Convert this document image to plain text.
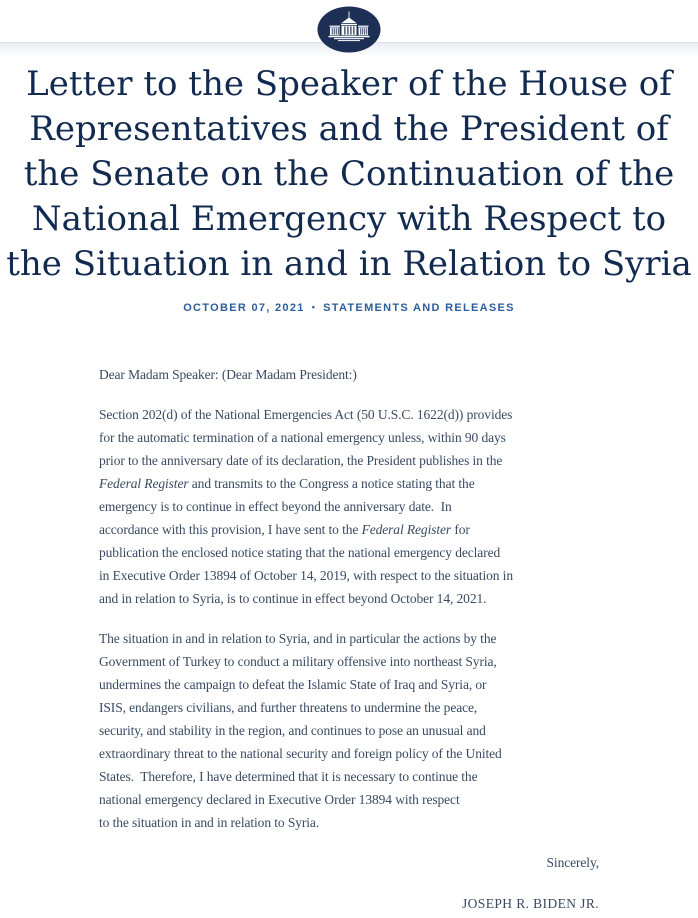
Letter to the Speaker of the House of
Representatives and the President of
the Senate on the Continuation of the
National Emergency with Respect to
the Situation in and in Relation to Syria
OCTOBER 07, 2021 • STATEMENTS AND RELEASES

Dear Madam Speaker: (Dear Madam President:)

Section 202(d) of the National Emergencies Act (50 U.S.C. 1622(d)) provides
for the automatic termination of a national emergency unless, within 90 days
prior to the anniversary date of its declaration, the President publishes in the
Federal Register and transmits to the Congress a notice stating that the
emergency is to continue in effect beyond the anniversary date.  In
accordance with this provision, I have sent to the Federal Register for
publication the enclosed notice stating that the national emergency declared
in Executive Order 13894 of October 14, 2019, with respect to the situation in
and in relation to Syria, is to continue in effect beyond October 14, 2021.
The situation in and in relation to Syria, and in particular the actions by the
Government of Turkey to conduct a military offensive into northeast Syria,
undermines the campaign to defeat the Islamic State of Iraq and Syria, or
ISIS, endangers civilians, and further threatens to undermine the peace,
security, and stability in the region, and continues to pose an unusual and
extraordinary threat to the national security and foreign policy of the United
States.  Therefore, I have determined that it is necessary to continue the
national emergency declared in Executive Order 13894 with respect
to the situation in and in relation to Syria.

Sincerely,

JOSEPH R. BIDEN JR.
